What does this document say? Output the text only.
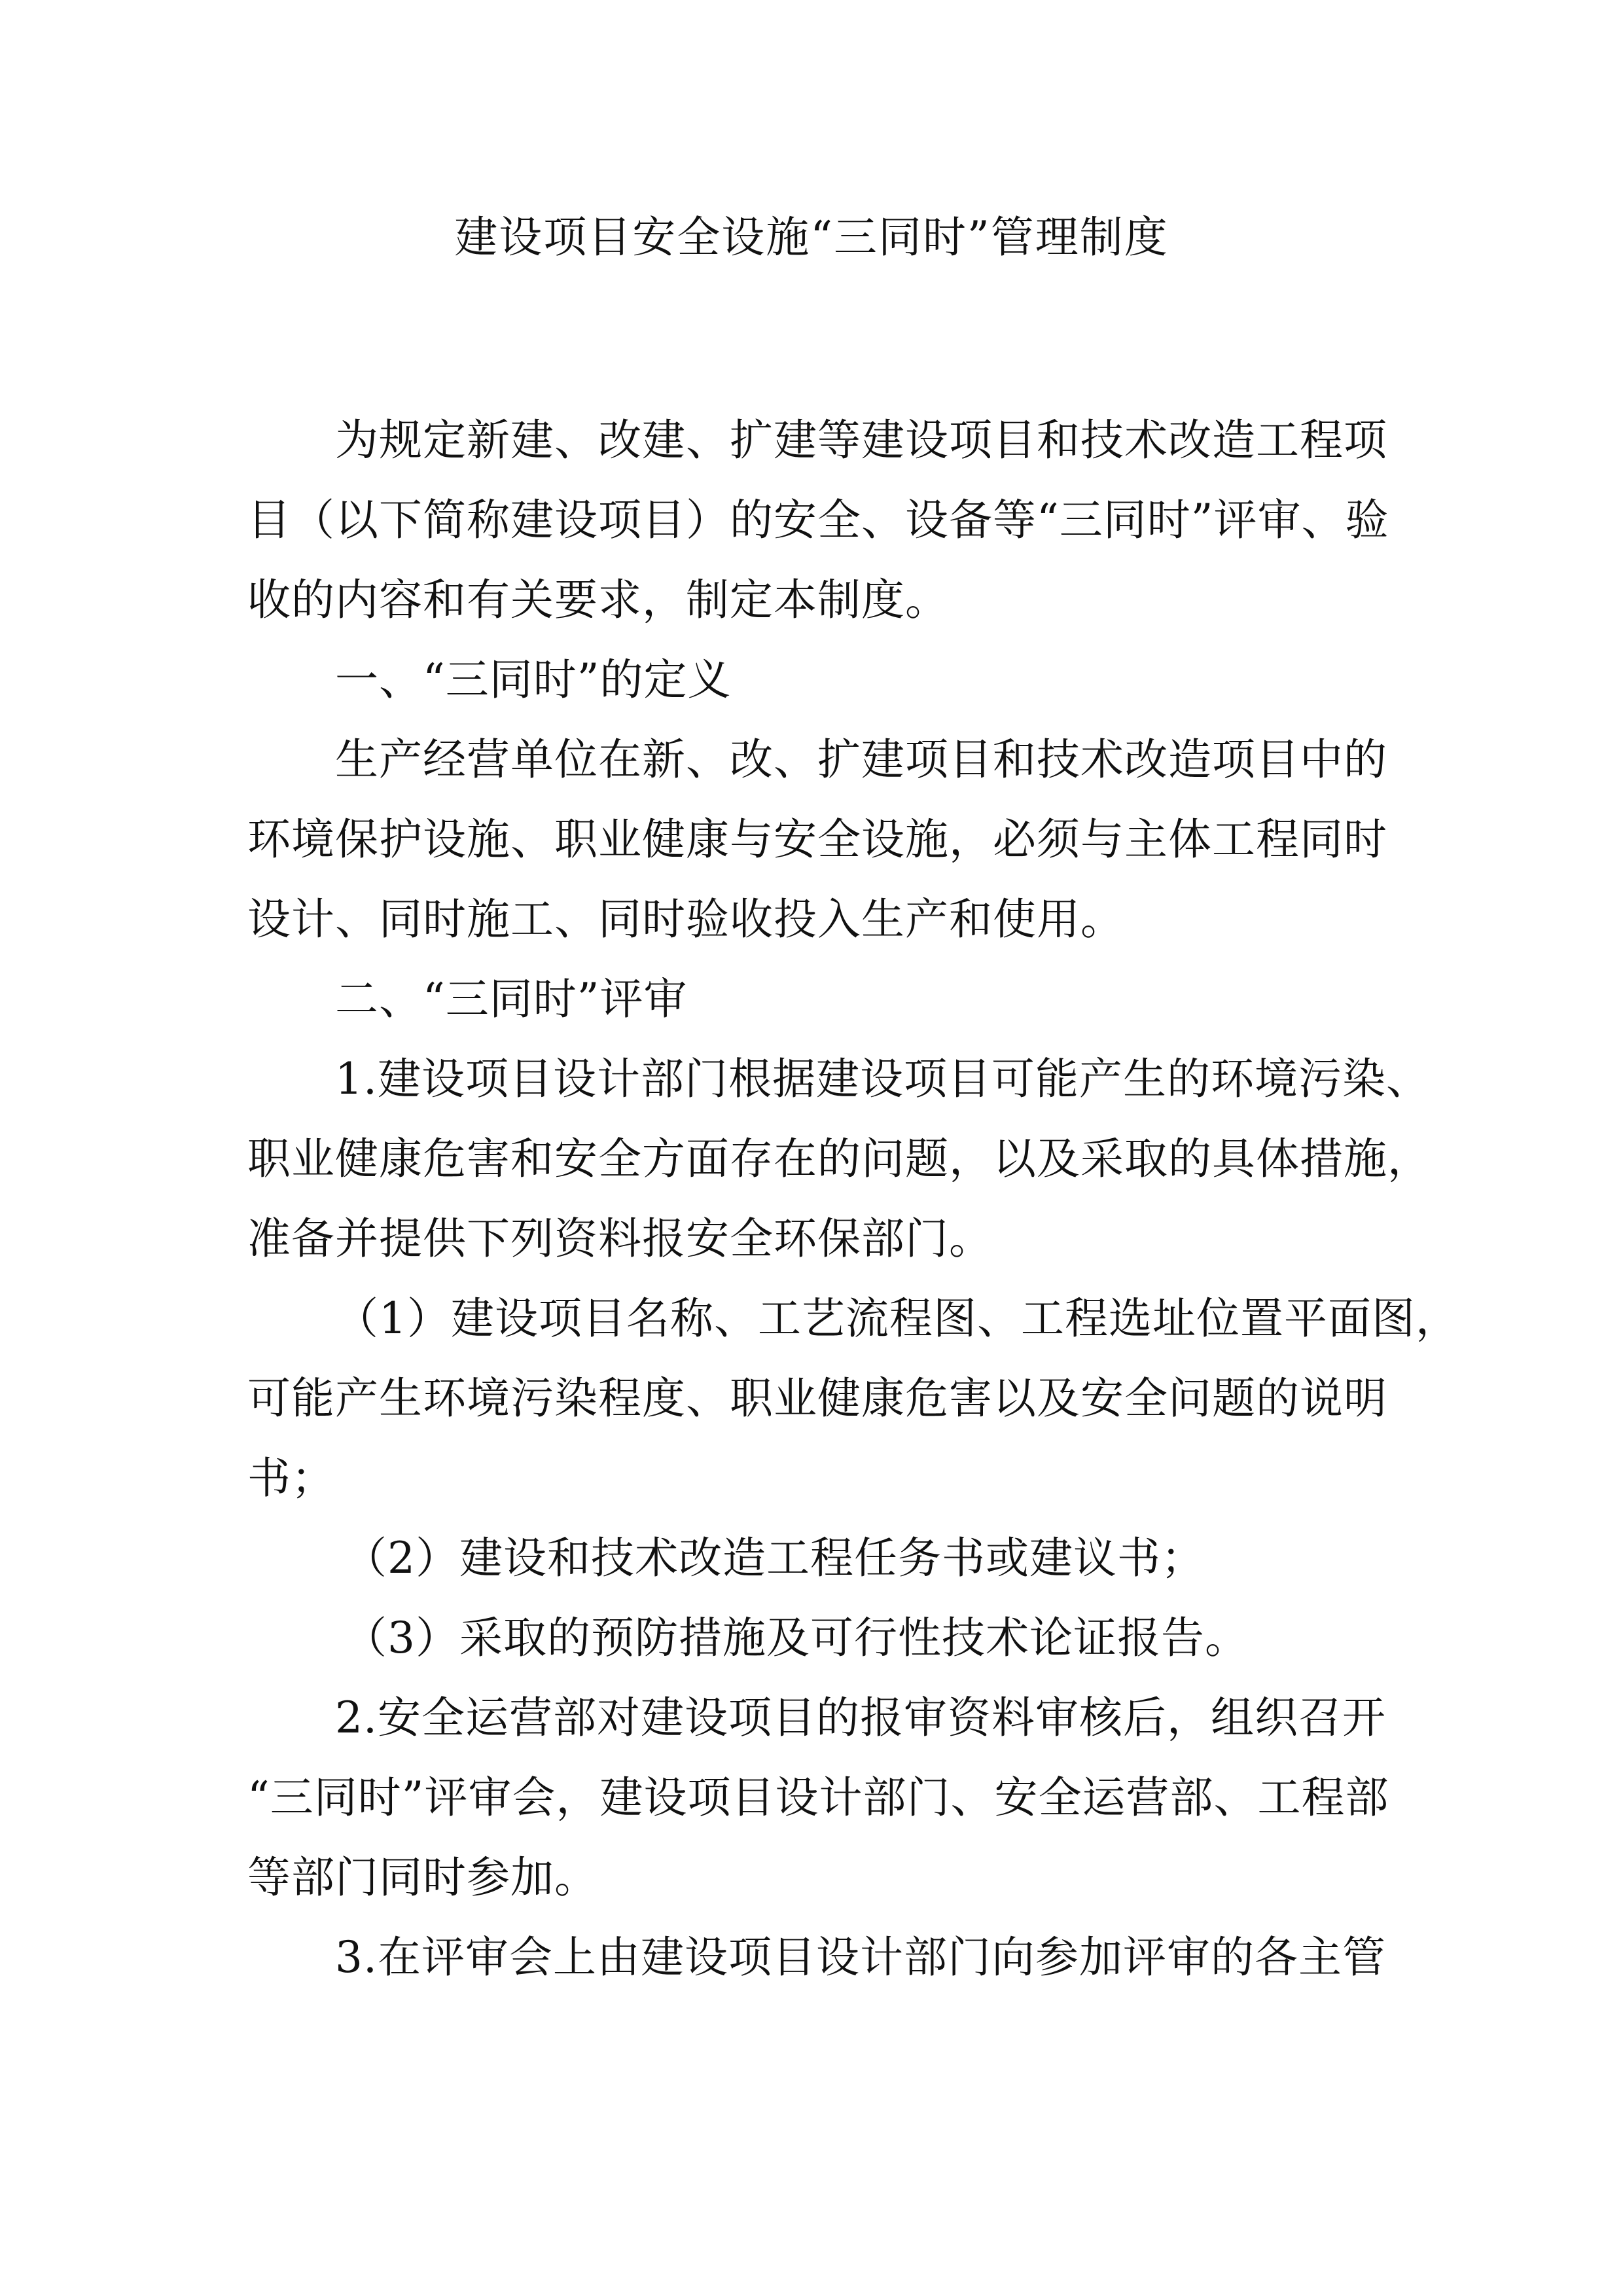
建设项目安全设施“三同时”管理制度
为规定新建、改建、扩建等建设项目和技术改造工程项
目（以下简称建设项目）的安全、设备等“三同时”评审、验
收的内容和有关要求，制定本制度。
一、“三同时”的定义
生产经营单位在新、改、扩建项目和技术改造项目中的
环境保护设施、职业健康与安全设施，必须与主体工程同时
设计、同时施工、同时验收投入生产和使用。
二、“三同时”评审
1.建设项目设计部门根据建设项目可能产生的环境污染、
职业健康危害和安全方面存在的问题，以及采取的具体措施，
准备并提供下列资料报安全环保部门。
（1）建设项目名称、工艺流程图、工程选址位置平面图，
可能产生环境污染程度、职业健康危害以及安全问题的说明
书；
（2）建设和技术改造工程任务书或建议书；
（3）采取的预防措施及可行性技术论证报告。
2.安全运营部对建设项目的报审资料审核后，组织召开
“三同时”评审会，建设项目设计部门、安全运营部、工程部
等部门同时参加。
3.在评审会上由建设项目设计部门向参加评审的各主管
